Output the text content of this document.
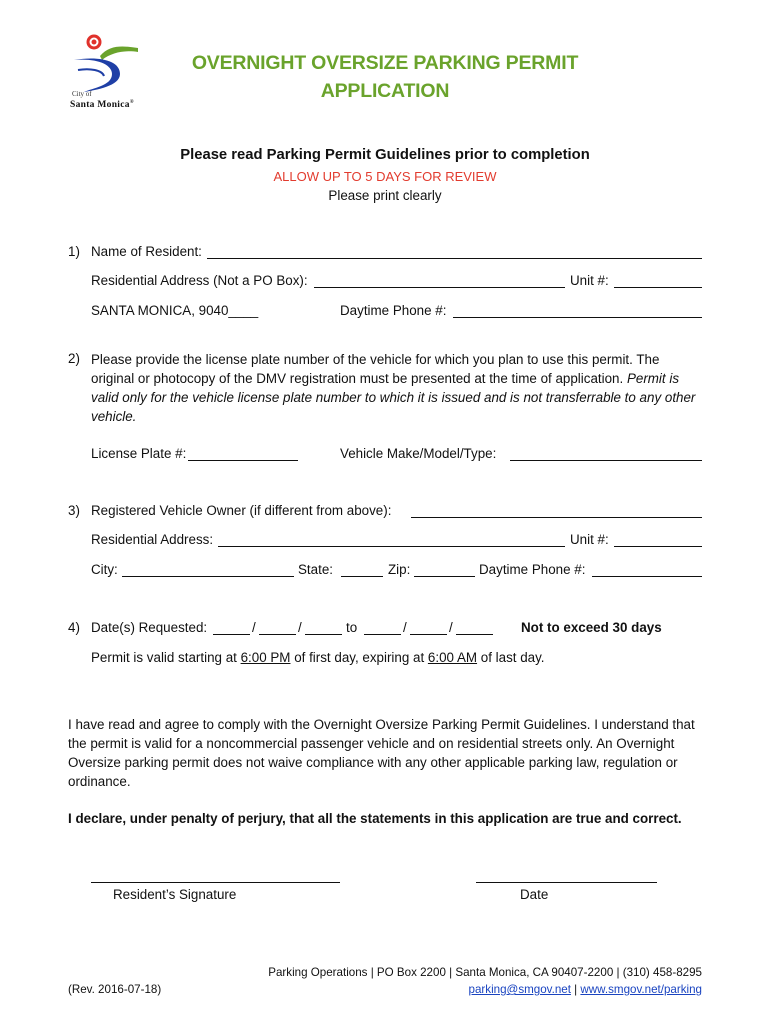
City of
Santa Monica®
OVERNIGHT OVERSIZE PARKING PERMIT
APPLICATION
Please read Parking Permit Guidelines prior to completion
ALLOW UP TO 5 DAYS FOR REVIEW
Please print clearly
1) Name of Resident:
Residential Address (Not a PO Box):	Unit #:
SANTA MONICA, 9040____	Daytime Phone #:
2) Please provide the license plate number of the vehicle for which you plan to use this permit. The original or photocopy of the DMV registration must be presented at the time of application. Permit is valid only for the vehicle license plate number to which it is issued and is not transferrable to any other vehicle.
License Plate #:	Vehicle Make/Model/Type:
3) Registered Vehicle Owner (if different from above):
Residential Address:	Unit #:
City:	State:	Zip:	Daytime Phone #:
4) Date(s) Requested:	/	/	to	/	/	Not to exceed 30 days
Permit is valid starting at 6:00 PM of first day, expiring at 6:00 AM of last day.
I have read and agree to comply with the Overnight Oversize Parking Permit Guidelines. I understand that the permit is valid for a noncommercial passenger vehicle and on residential streets only. An Overnight Oversize parking permit does not waive compliance with any other applicable parking law, regulation or ordinance.
I declare, under penalty of perjury, that all the statements in this application are true and correct.
Resident’s Signature	Date
Parking Operations | PO Box 2200 | Santa Monica, CA 90407-2200 | (310) 458-8295
(Rev. 2016-07-18)	parking@smgov.net | www.smgov.net/parking
